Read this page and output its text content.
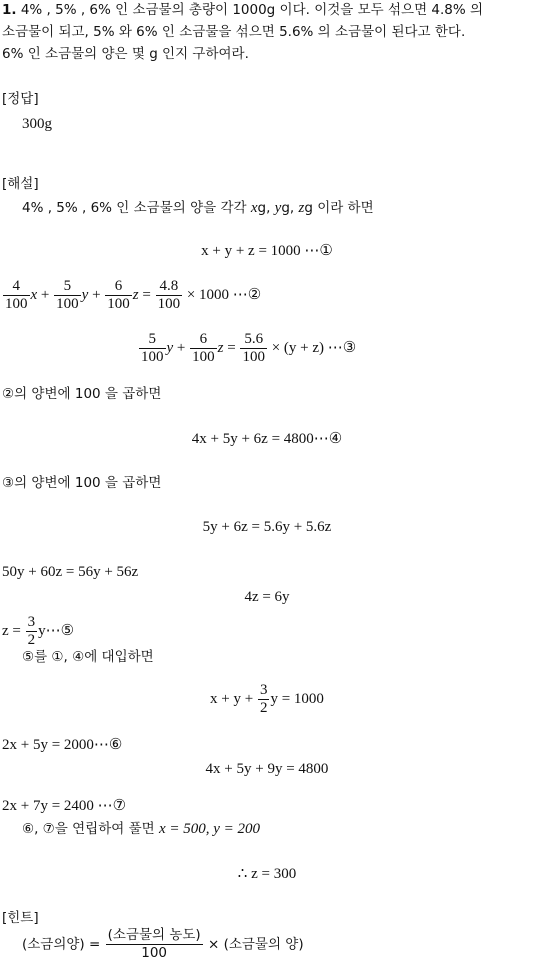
1. 4% , 5% , 6% 인 소금물의 총량이 1000g 이다. 이것을 모두 섞으면 4.8% 의
소금물이 되고, 5% 와 6% 인 소금물을 섞으면 5.6% 의 소금물이 된다고 한다.
6% 인 소금물의 양은 몇 g 인지 구하여라.
[정답]
300g
[해설]
4% , 5% , 6% 인 소금물의 양을 각각 xg, yg, zg 이라 하면
x + y + z = 1000 ⋯①
$\frac{4}{100}$ $x + \frac{5}{100}$ $y + \frac{6}{100}$ $z = \frac{4.8}{100} \times 1000$ ⋯②
$\frac{5}{100}$ $y + \frac{6}{100}$ $z = \frac{5.6}{100} \times (y + z)$ ⋯③
②의 양변에 100 을 곱하면
4x + 5y + 6z = 4800⋯④
③의 양변에 100 을 곱하면
5y + 6z = 5.6y + 5.6z
50y + 60z = 56y + 56z
4z = 6y
$z = \frac{3}{2}$ y⋯⑤
⑤를 ①, ④에 대입하면
$x + y + \frac{3}{2}$ y = 1000
2x + 5y = 2000⋯⑥
4x + 5y + 9y = 4800
2x + 7y = 2400 ⋯⑦
⑥, ⑦을 연립하여 풀면 x = 500, y = 200
∴ z = 300
[힌트]
(소금의양) = $\frac{\text{(소금물의 농도)}}{100}$ × (소금물의 양)
